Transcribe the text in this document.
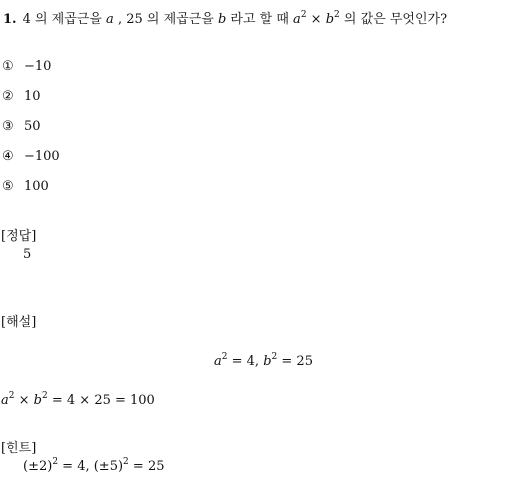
1. 4 의 제곱근을 a , 25 의 제곱근을 b 라고 할 때 $a^2 \times b^2$ 의 값은 무엇인가?
① −10
② 10
③ 50
④ −100
⑤ 100
[정답]
5
[해설]
$a^2 = 4$, $b^2 = 25$
$a^2 \times b^2 = 4 \times 25 = 100$
[힌트]
$(\pm 2)^2 = 4$, $(\pm 5)^2 = 25$
